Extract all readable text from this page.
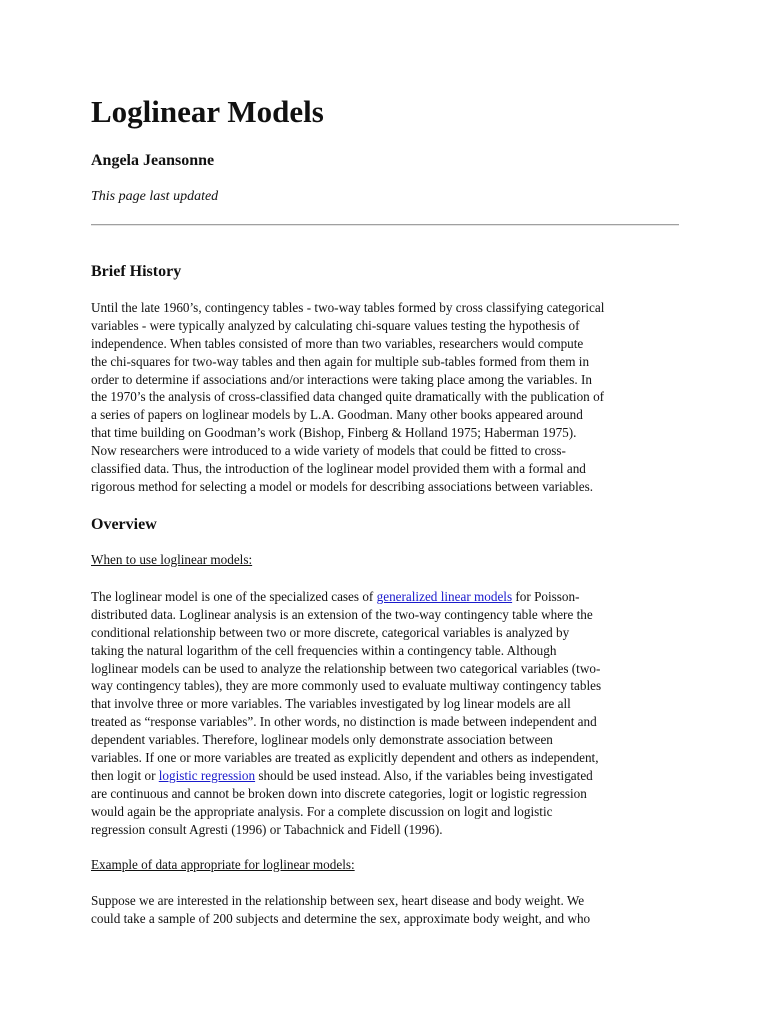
Loglinear Models

Angela Jeansonne

This page last updated

Brief History
Until the late 1960’s, contingency tables - two-way tables formed by cross classifying categorical
variables - were typically analyzed by calculating chi-square values testing the hypothesis of
independence. When tables consisted of more than two variables, researchers would compute
the chi-squares for two-way tables and then again for multiple sub-tables formed from them in
order to determine if associations and/or interactions were taking place among the variables. In
the 1970’s the analysis of cross-classified data changed quite dramatically with the publication of
a series of papers on loglinear models by L.A. Goodman. Many other books appeared around
that time building on Goodman’s work (Bishop, Finberg & Holland 1975; Haberman 1975).
Now researchers were introduced to a wide variety of models that could be fitted to cross-
classified data. Thus, the introduction of the loglinear model provided them with a formal and
rigorous method for selecting a model or models for describing associations between variables.
Overview
When to use loglinear models:
The loglinear model is one of the specialized cases of generalized linear models for Poisson-
distributed data. Loglinear analysis is an extension of the two-way contingency table where the
conditional relationship between two or more discrete, categorical variables is analyzed by
taking the natural logarithm of the cell frequencies within a contingency table. Although
loglinear models can be used to analyze the relationship between two categorical variables (two-
way contingency tables), they are more commonly used to evaluate multiway contingency tables
that involve three or more variables. The variables investigated by log linear models are all
treated as “response variables”. In other words, no distinction is made between independent and
dependent variables. Therefore, loglinear models only demonstrate association between
variables. If one or more variables are treated as explicitly dependent and others as independent,
then logit or logistic regression should be used instead. Also, if the variables being investigated
are continuous and cannot be broken down into discrete categories, logit or logistic regression
would again be the appropriate analysis. For a complete discussion on logit and logistic
regression consult Agresti (1996) or Tabachnick and Fidell (1996).
Example of data appropriate for loglinear models:
Suppose we are interested in the relationship between sex, heart disease and body weight. We
could take a sample of 200 subjects and determine the sex, approximate body weight, and who
